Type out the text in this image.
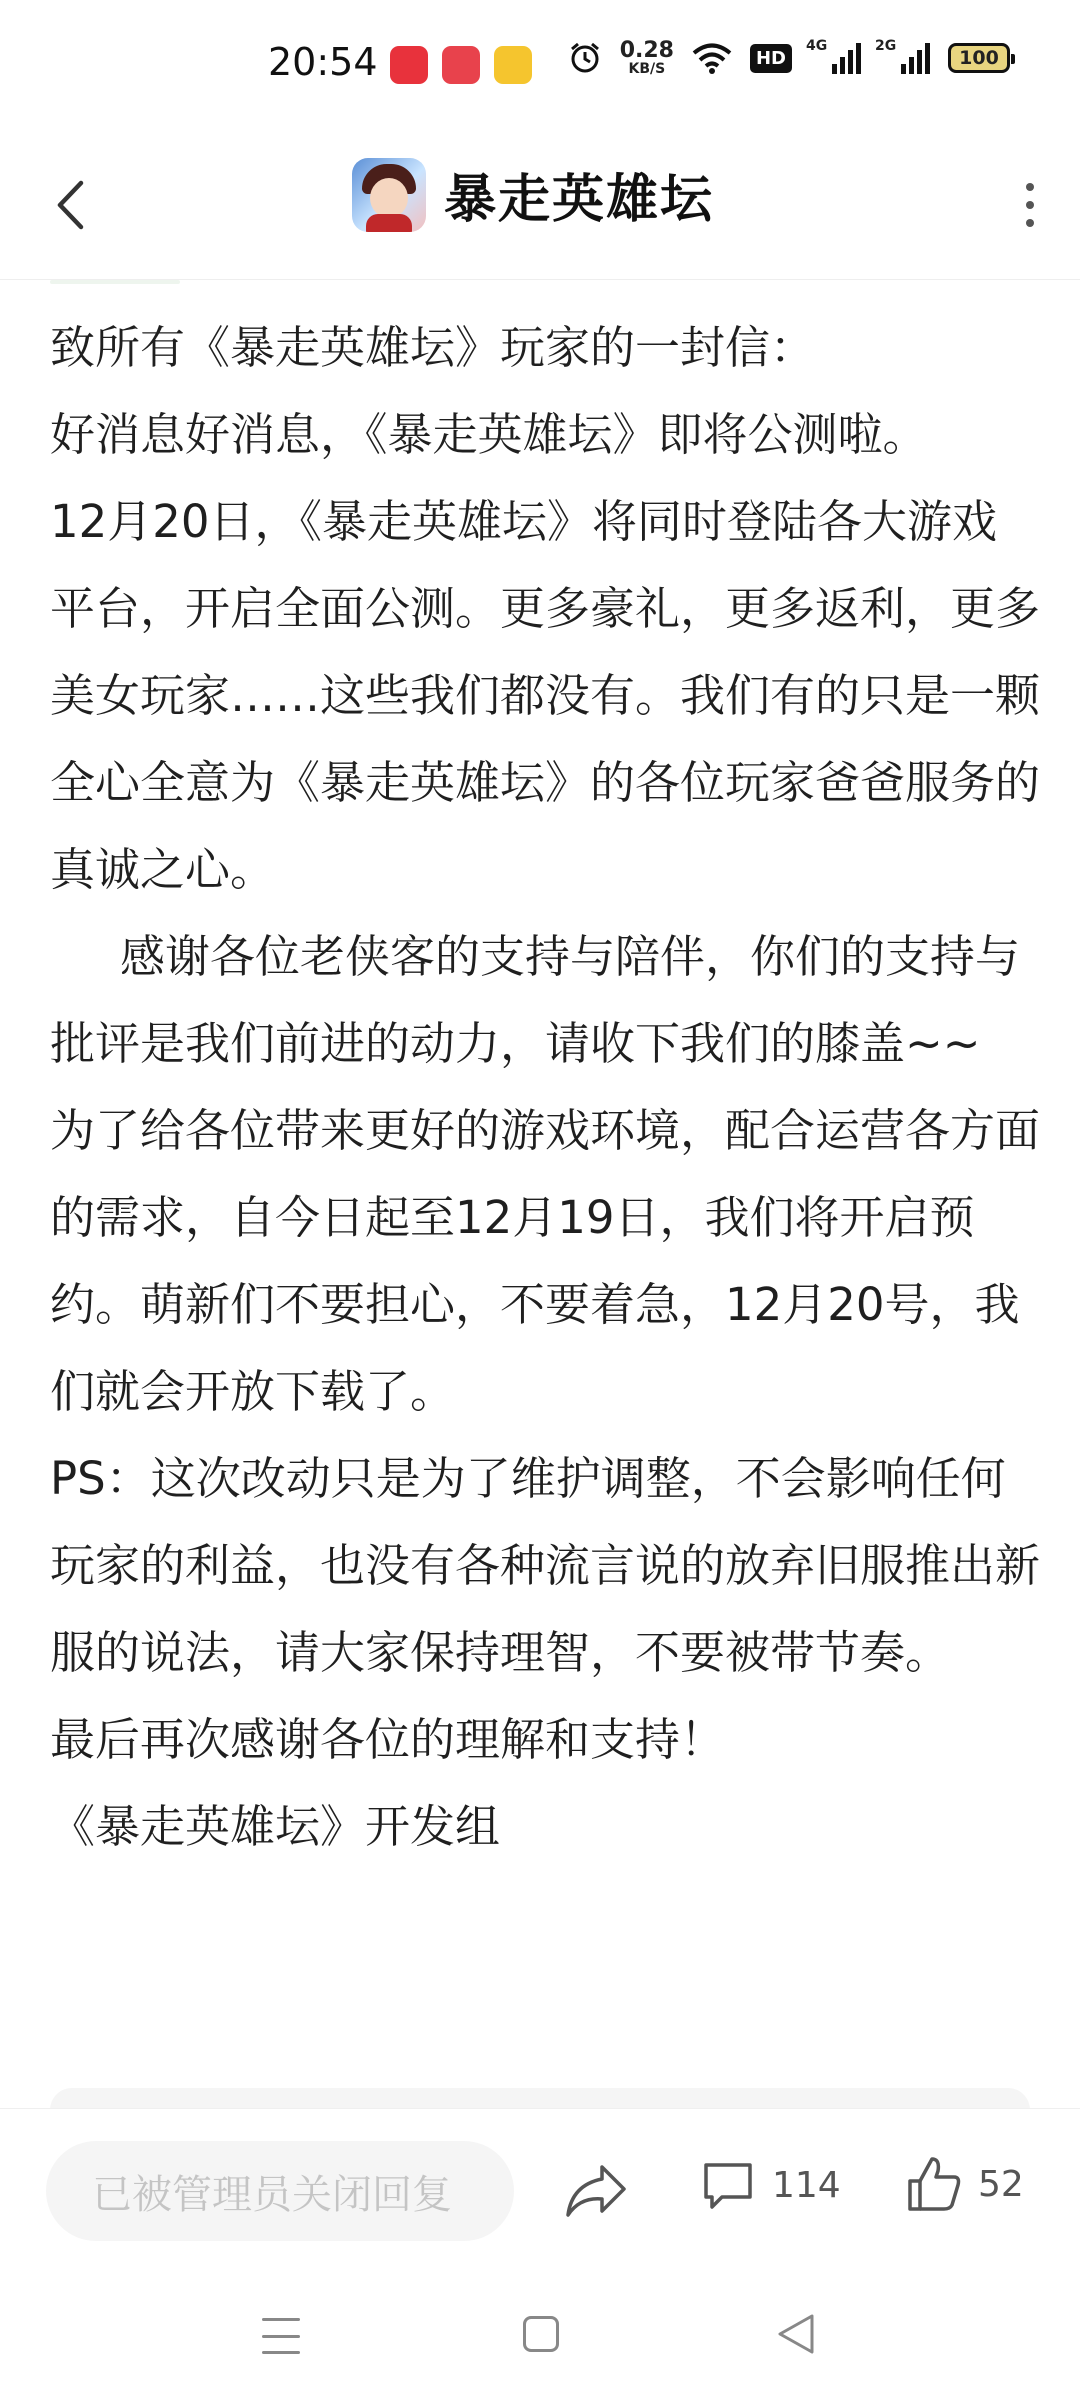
20:54	0.28
KB/S
HD
4G	2G
100
暴走英雄坛

致所有《暴走英雄坛》玩家的一封信：

好消息好消息，《暴走英雄坛》即将公测啦。

12月20日，《暴走英雄坛》将同时登陆各大游戏平台，开启全面公测。更多豪礼，更多返利，更多美女玩家……这些我们都没有。我们有的只是一颗全心全意为《暴走英雄坛》的各位玩家爸爸服务的真诚之心。

感谢各位老侠客的支持与陪伴，你们的支持与批评是我们前进的动力，请收下我们的膝盖~~

为了给各位带来更好的游戏环境，配合运营各方面的需求，自今日起至12月19日，我们将开启预约。萌新们不要担心，不要着急，12月20号，我们就会开放下载了。

PS：这次改动只是为了维护调整，不会影响任何玩家的利益，也没有各种流言说的放弃旧服推出新服的说法，请大家保持理智，不要被带节奏。

最后再次感谢各位的理解和支持！

《暴走英雄坛》开发组

已被管理员关闭回复	114	52
